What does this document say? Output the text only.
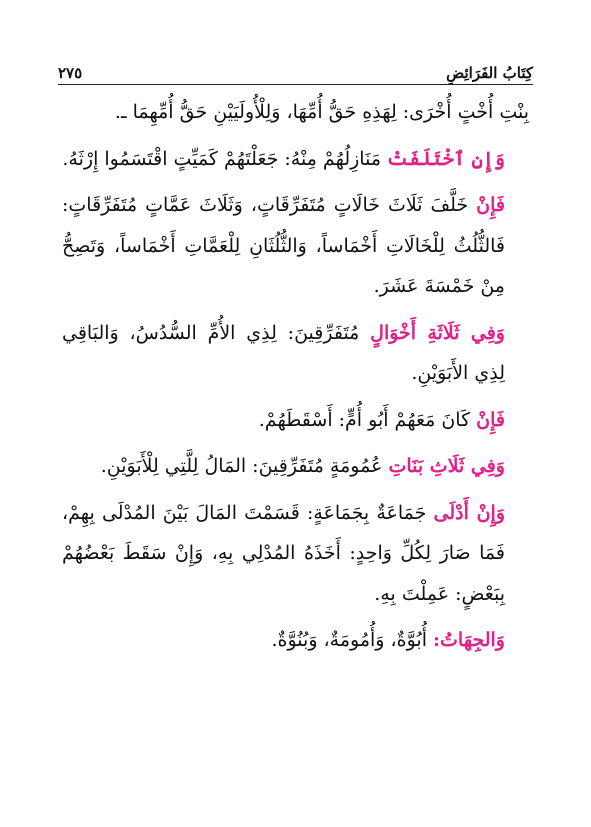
كِتَابُ الفَرَائِضِ
٢٧٥

بِنْتِ أُخْتٍ أُخْرَى: لِهَذِهِ حَقُّ أُمِّهَا، وَلِلْأُولَيَيْنِ حَقُّ أُمِّهِمَا ـ.

وَإِنِ ٱخْتَلَفَتْ مَنَازِلُهُمْ مِنْهُ: جَعَلْتَهُمْ كَمَيِّتٍ اقْتَسَمُوا إِرْثَهُ.

فَإِنْ خَلَّفَ ثَلَاثَ خَالَاتٍ مُتَفَرِّقَاتٍ، وَثَلَاثَ عَمَّاتٍ مُتَفَرِّقَاتٍ: فَالثُّلُثُ لِلْخَالَاتِ أَخْمَاساً، وَالثُّلُثَانِ لِلْعَمَّاتِ أَخْمَاساً، وَتَصِحُّ مِنْ خَمْسَةَ عَشَرَ.

وَفِي ثَلَاثَةِ أَخْوَالٍ مُتَفَرِّقِينَ: لِذِي الأُمِّ السُّدُسُ، وَالبَاقِي لِذِي الأَبَوَيْنِ.

فَإِنْ كَانَ مَعَهُمْ أَبُو أُمٍّ: أَسْقَطَهُمْ.

وَفِي ثَلَاثِ بَنَاتِ عُمُومَةٍ مُتَفَرِّقِينَ: المَالُ لِلَّتِي لِلْأَبَوَيْنِ.

وَإِنْ أَدْلَى جَمَاعَةٌ بِجَمَاعَةٍ: قَسَمْتَ المَالَ بَيْنَ المُدْلَى بِهِمْ، فَمَا صَارَ لِكُلِّ وَاحِدٍ: أَخَذَهُ المُدْلِي بِهِ، وَإِنْ سَقَطَ بَعْضُهُمْ بِبَعْضٍ: عَمِلْتَ بِهِ.

وَالجِهَاتُ: أُبُوَّةٌ، وَأُمُومَةٌ، وَبُنُوَّةٌ.
